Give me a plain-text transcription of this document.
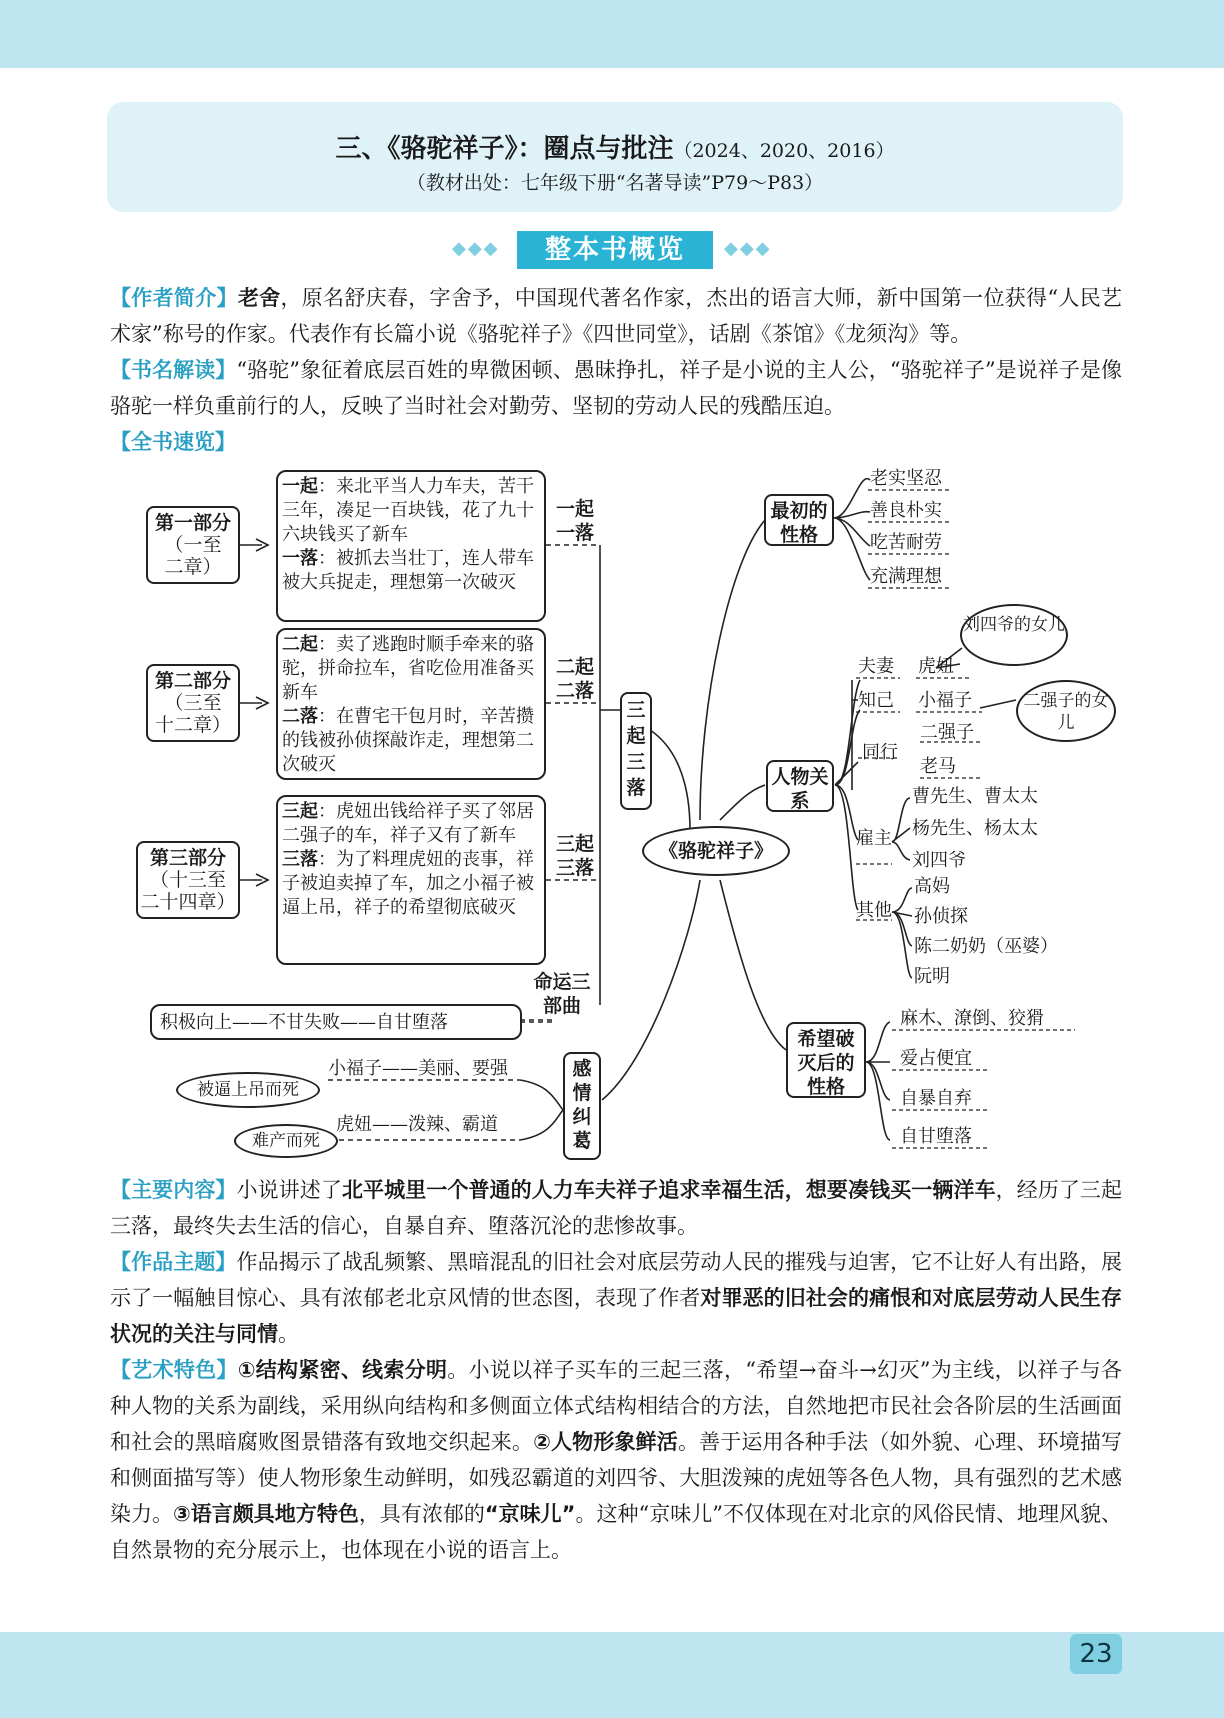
三、《骆驼祥子》：圈点与批注（2024、2020、2016）
（教材出处：七年级下册“名著导读”P79～P83）
◆◆◆	整本书概览	◆◆◆
【作者简介】老舍，原名舒庆春，字舍予，中国现代著名作家，杰出的语言大师，新中国第一位获得“人民艺术家”称号的作家。代表作有长篇小说《骆驼祥子》《四世同堂》，话剧《茶馆》《龙须沟》等。
【书名解读】“骆驼”象征着底层百姓的卑微困顿、愚昧挣扎，祥子是小说的主人公，“骆驼祥子”是说祥子是像骆驼一样负重前行的人，反映了当时社会对勤劳、坚韧的劳动人民的残酷压迫。
【全书速览】
第一部分
（一至
二章）
第二部分
（三至
十二章）
第三部分
（十三至
二十四章）
一起：来北平当人力车夫，苦干三年，凑足一百块钱，花了九十六块钱买了新车
一落：被抓去当壮丁，连人带车被大兵捉走，理想第一次破灭
二起：卖了逃跑时顺手牵来的骆驼，拼命拉车，省吃俭用准备买新车
二落：在曹宅干包月时，辛苦攒的钱被孙侦探敲诈走，理想第二次破灭
三起：虎妞出钱给祥子买了邻居二强子的车，祥子又有了新车
三落：为了料理虎妞的丧事，祥子被迫卖掉了车，加之小福子被逼上吊，祥子的希望彻底破灭
一起一落
二起二落
三起三落
三起三落
命运三部曲
积极向上——不甘失败——自甘堕落
小福子——美丽、要强
被逼上吊而死
虎妞——泼辣、霸道
难产而死
感情纠葛
《骆驼祥子》
最初的性格
老实坚忍
善良朴实
吃苦耐劳
充满理想
人物关系
夫妻 虎妞
知己 小福子
刘四爷的女儿
二强子的女儿
同行
二强子
老马
雇主
曹先生、曹太太
杨先生、杨太太
刘四爷
其他
高妈
孙侦探
陈二奶奶（巫婆）
阮明
希望破灭后的性格
麻木、潦倒、狡猾
爱占便宜
自暴自弃
自甘堕落
【主要内容】小说讲述了北平城里一个普通的人力车夫祥子追求幸福生活，想要凑钱买一辆洋车，经历了三起三落，最终失去生活的信心，自暴自弃、堕落沉沦的悲惨故事。
【作品主题】作品揭示了战乱频繁、黑暗混乱的旧社会对底层劳动人民的摧残与迫害，它不让好人有出路，展示了一幅触目惊心、具有浓郁老北京风情的世态图，表现了作者对罪恶的旧社会的痛恨和对底层劳动人民生存状况的关注与同情。
【艺术特色】①结构紧密、线索分明。小说以祥子买车的三起三落，“希望→奋斗→幻灭”为主线，以祥子与各种人物的关系为副线，采用纵向结构和多侧面立体式结构相结合的方法，自然地把市民社会各阶层的生活画面和社会的黑暗腐败图景错落有致地交织起来。②人物形象鲜活。善于运用各种手法（如外貌、心理、环境描写和侧面描写等）使人物形象生动鲜明，如残忍霸道的刘四爷、大胆泼辣的虎妞等各色人物，具有强烈的艺术感染力。③语言颇具地方特色，具有浓郁的“京味儿”。这种“京味儿”不仅体现在对北京的风俗民情、地理风貌、自然景物的充分展示上，也体现在小说的语言上。
23
